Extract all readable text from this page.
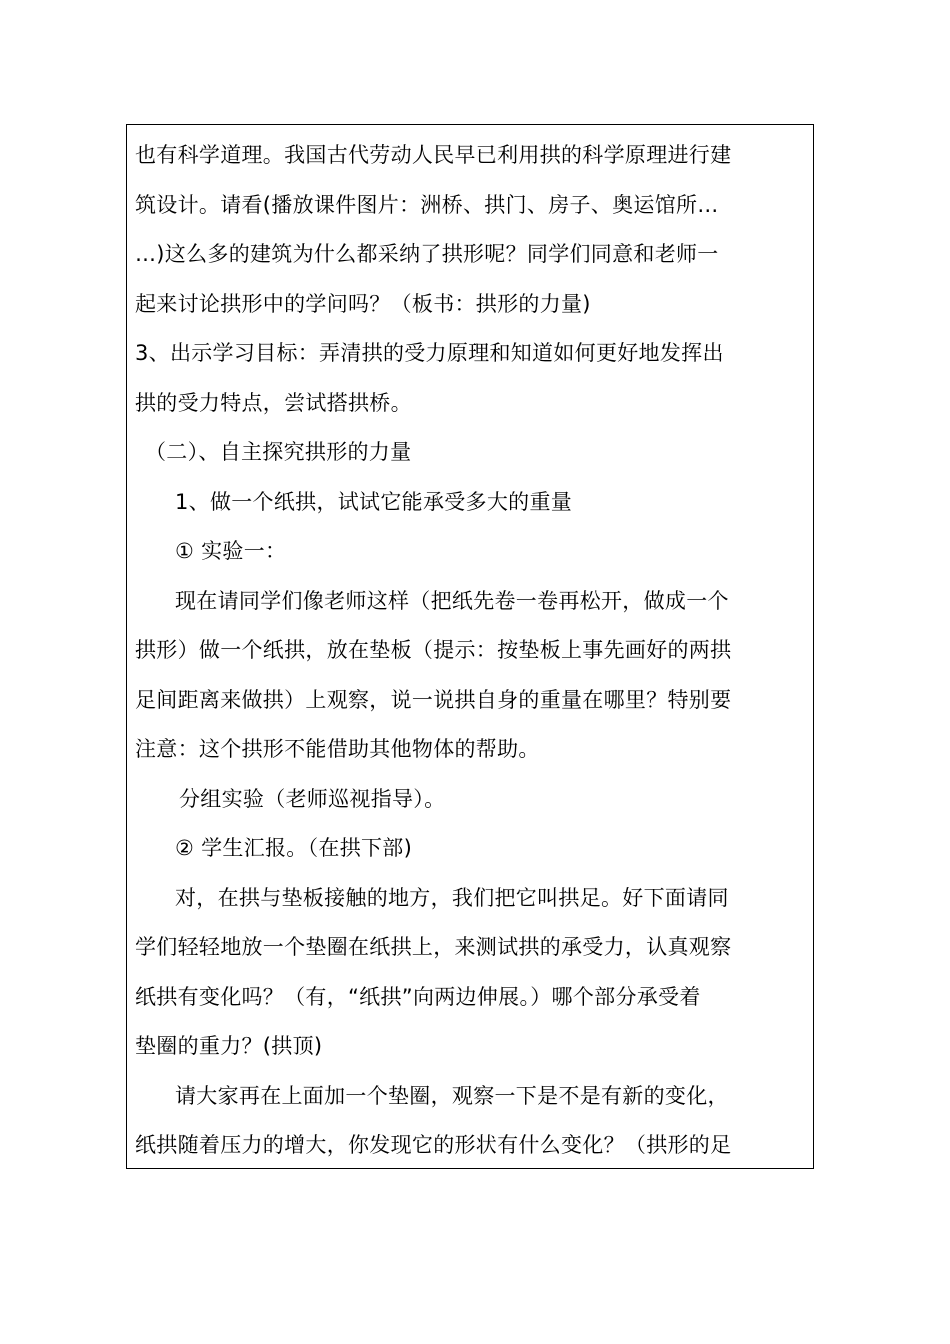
也有科学道理。我国古代劳动人民早已利用拱的科学原理进行建
筑设计。请看(播放课件图片：洲桥、拱门、房子、奥运馆所…
…)这么多的建筑为什么都采纳了拱形呢？同学们同意和老师一
起来讨论拱形中的学问吗？（板书：拱形的力量)
3、出示学习目标：弄清拱的受力原理和知道如何更好地发挥出
拱的受力特点，尝试搭拱桥。
（二）、自主探究拱形的力量
1、做一个纸拱，试试它能承受多大的重量
① 实验一：
现在请同学们像老师这样（把纸先卷一卷再松开，做成一个
拱形）做一个纸拱，放在垫板（提示：按垫板上事先画好的两拱
足间距离来做拱）上观察，说一说拱自身的重量在哪里？特别要
注意：这个拱形不能借助其他物体的帮助。
分组实验（老师巡视指导）。
② 学生汇报。（在拱下部)
对，在拱与垫板接触的地方，我们把它叫拱足。好下面请同
学们轻轻地放一个垫圈在纸拱上，来测试拱的承受力，认真观察
纸拱有变化吗？（有，“纸拱”向两边伸展。）哪个部分承受着
垫圈的重力？(拱顶)
请大家再在上面加一个垫圈，观察一下是不是有新的变化，
纸拱随着压力的增大，你发现它的形状有什么变化？（拱形的足
